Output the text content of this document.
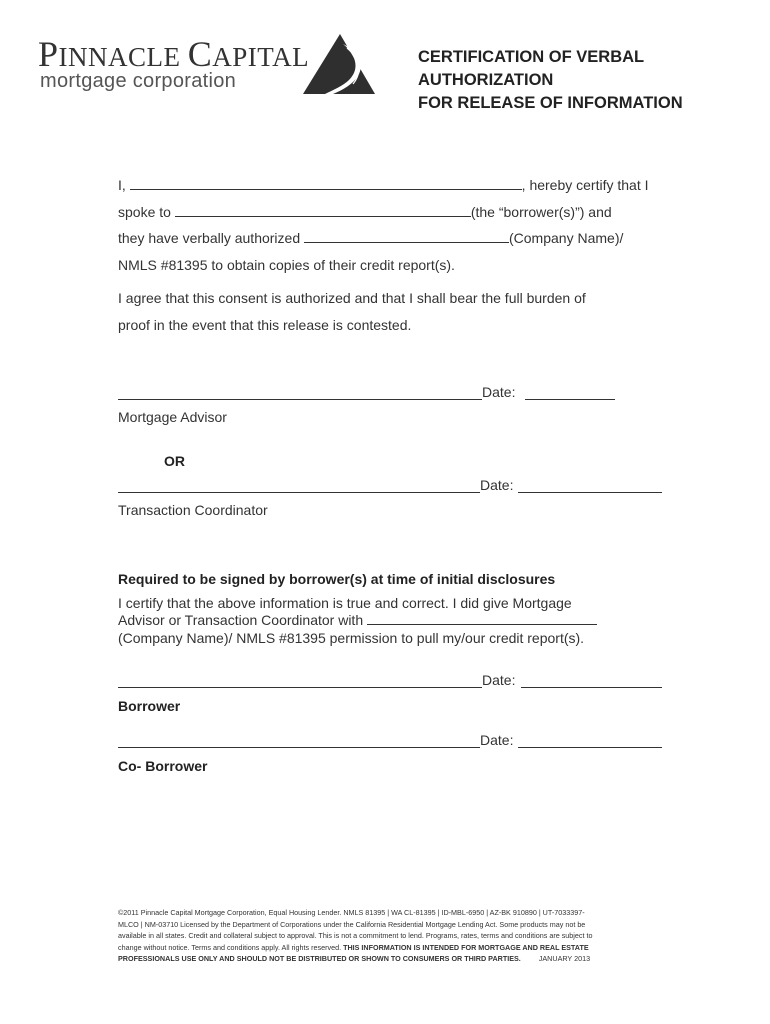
PINNACLE CAPITAL
mortgage corporation
CERTIFICATION OF VERBAL
AUTHORIZATION
FOR RELEASE OF INFORMATION
I,	, hereby certify that I
spoke to	(the “borrower(s)”) and
they have verbally authorized	(Company Name)/
NMLS #81395 to obtain copies of their credit report(s).
I agree that this consent is authorized and that I shall bear the full burden of
proof in the event that this release is contested.
Date:
Mortgage Advisor
OR
Date:
Transaction Coordinator
Required to be signed by borrower(s) at time of initial disclosures
I certify that the above information is true and correct. I did give Mortgage
Advisor or Transaction Coordinator with
(Company Name)/ NMLS #81395 permission to pull my/our credit report(s).
Date:
Borrower
Date:
Co- Borrower
©2011 Pinnacle Capital Mortgage Corporation, Equal Housing Lender. NMLS 81395 | WA CL-81395 | ID-MBL-6950 | AZ-BK 910890 | UT-7033397-
MLCO | NM-03710 Licensed by the Department of Corporations under the California Residential Mortgage Lending Act. Some products may not be
available in all states. Credit and collateral subject to approval. This is not a commitment to lend. Programs, rates, terms and conditions are subject to
change without notice. Terms and conditions apply. All rights reserved. THIS INFORMATION IS INTENDED FOR MORTGAGE AND REAL ESTATE
PROFESSIONALS USE ONLY AND SHOULD NOT BE DISTRIBUTED OR SHOWN TO CONSUMERS OR THIRD PARTIES.	JANUARY 2013
